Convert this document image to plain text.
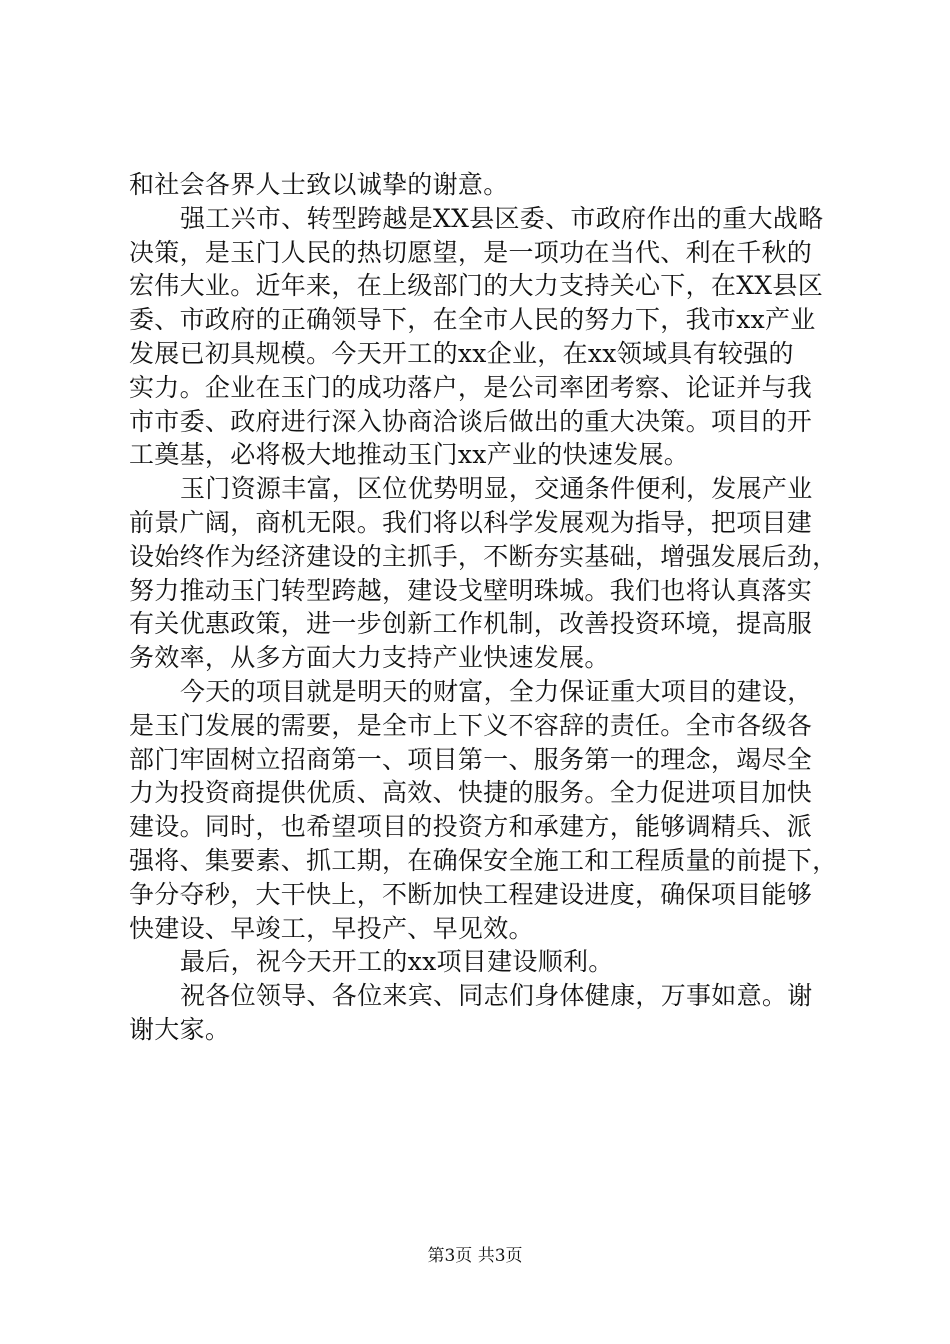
和社会各界人士致以诚挚的谢意。
强工兴市、转型跨越是XX县区委、市政府作出的重大战略
决策，是玉门人民的热切愿望，是一项功在当代、利在千秋的
宏伟大业。近年来，在上级部门的大力支持关心下，在XX县区
委、市政府的正确领导下，在全市人民的努力下，我市xx产业
发展已初具规模。今天开工的xx企业，在xx领域具有较强的
实力。企业在玉门的成功落户，是公司率团考察、论证并与我
市市委、政府进行深入协商洽谈后做出的重大决策。项目的开
工奠基，必将极大地推动玉门xx产业的快速发展。
玉门资源丰富，区位优势明显，交通条件便利，发展产业
前景广阔，商机无限。我们将以科学发展观为指导，把项目建
设始终作为经济建设的主抓手，不断夯实基础，增强发展后劲，
努力推动玉门转型跨越，建设戈壁明珠城。我们也将认真落实
有关优惠政策，进一步创新工作机制，改善投资环境，提高服
务效率，从多方面大力支持产业快速发展。
今天的项目就是明天的财富，全力保证重大项目的建设，
是玉门发展的需要，是全市上下义不容辞的责任。全市各级各
部门牢固树立招商第一、项目第一、服务第一的理念，竭尽全
力为投资商提供优质、高效、快捷的服务。全力促进项目加快
建设。同时，也希望项目的投资方和承建方，能够调精兵、派
强将、集要素、抓工期，在确保安全施工和工程质量的前提下，
争分夺秒，大干快上，不断加快工程建设进度，确保项目能够
快建设、早竣工，早投产、早见效。
最后，祝今天开工的xx项目建设顺利。
祝各位领导、各位来宾、同志们身体健康，万事如意。谢
谢大家。
第3页 共3页
